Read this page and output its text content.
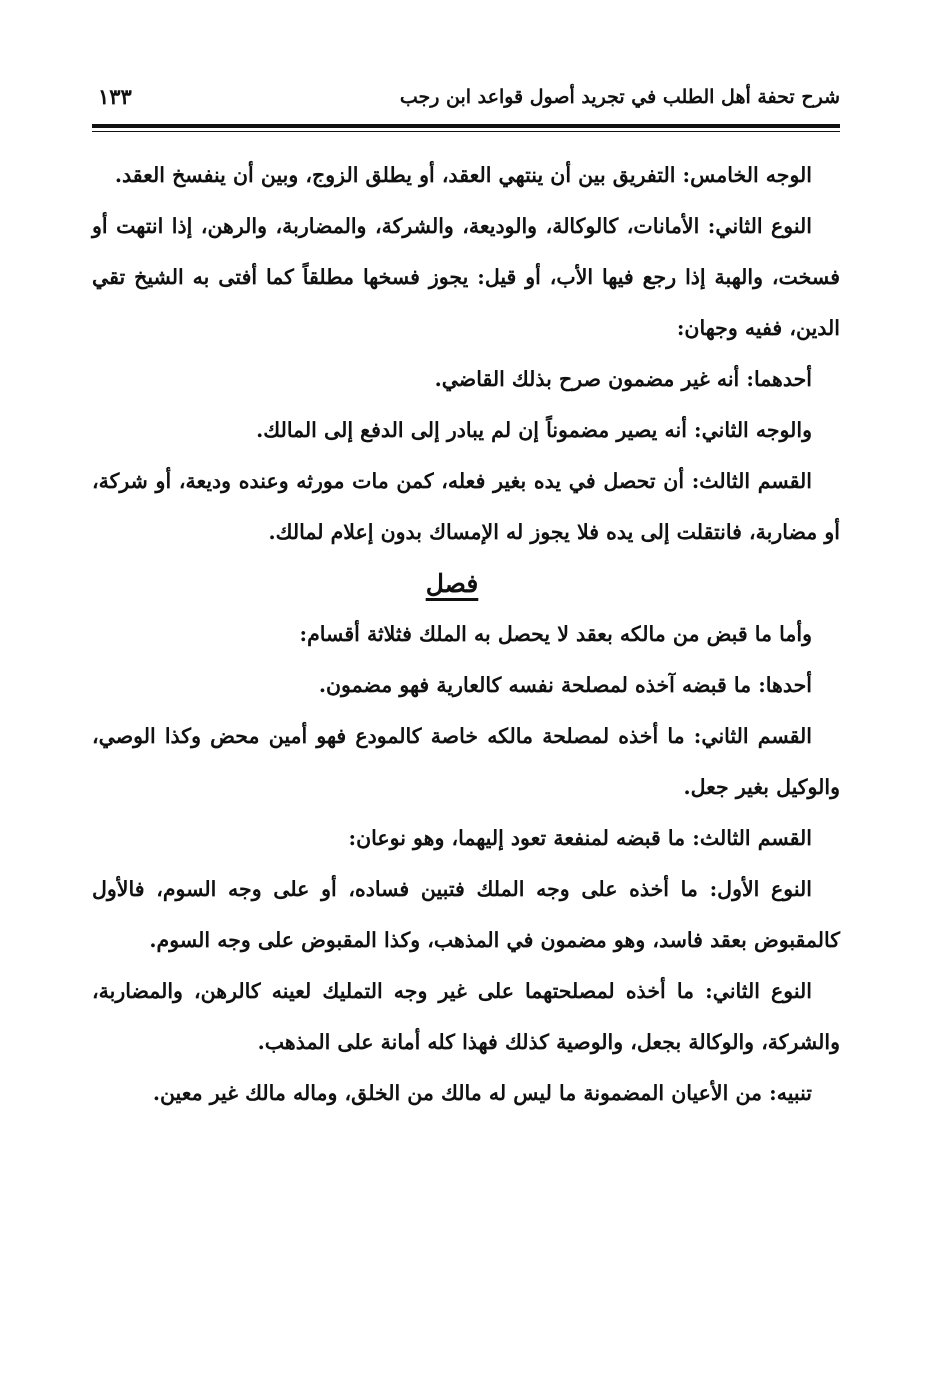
شرح تحفة أهل الطلب في تجريد أصول قواعد ابن رجب
١٣٣

الوجه الخامس: التفريق بين أن ينتهي العقد، أو يطلق الزوج، وبين أن ينفسخ العقد.

النوع الثاني: الأمانات، كالوكالة، والوديعة، والشركة، والمضاربة، والرهن، إذا انتهت أو فسخت، والهبة إذا رجع فيها الأب، أو قيل: يجوز فسخها مطلقاً كما أفتى به الشيخ تقي الدين، ففيه وجهان:

أحدهما: أنه غير مضمون صرح بذلك القاضي.

والوجه الثاني: أنه يصير مضموناً إن لم يبادر إلى الدفع إلى المالك.

القسم الثالث: أن تحصل في يده بغير فعله، كمن مات مورثه وعنده وديعة، أو شركة، أو مضاربة، فانتقلت إلى يده فلا يجوز له الإمساك بدون إعلام لمالك.

فصل

وأما ما قبض من مالكه بعقد لا يحصل به الملك فثلاثة أقسام:

أحدها: ما قبضه آخذه لمصلحة نفسه كالعارية فهو مضمون.

القسم الثاني: ما أخذه لمصلحة مالكه خاصة كالمودع فهو أمين محض وكذا الوصي، والوكيل بغير جعل.

القسم الثالث: ما قبضه لمنفعة تعود إليهما، وهو نوعان:

النوع الأول: ما أخذه على وجه الملك فتبين فساده، أو على وجه السوم، فالأول كالمقبوض بعقد فاسد، وهو مضمون في المذهب، وكذا المقبوض على وجه السوم.

النوع الثاني: ما أخذه لمصلحتهما على غير وجه التمليك لعينه كالرهن، والمضاربة، والشركة، والوكالة بجعل، والوصية كذلك فهذا كله أمانة على المذهب.

تنبيه: من الأعيان المضمونة ما ليس له مالك من الخلق، وماله مالك غير معين.
